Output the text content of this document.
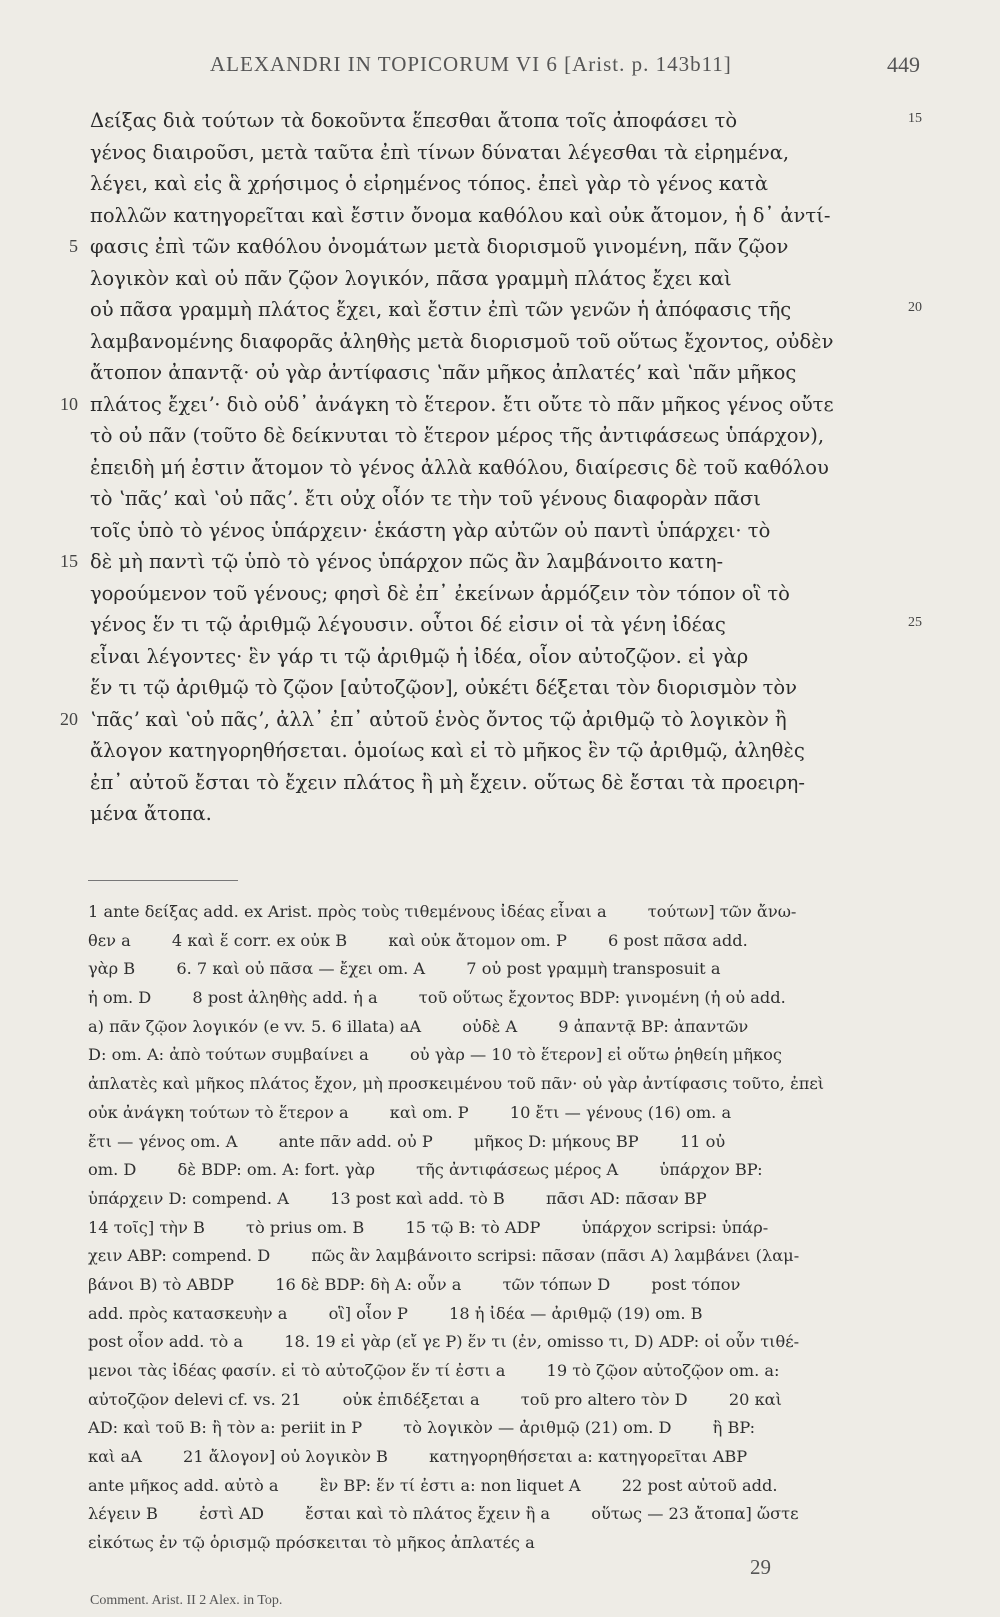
ALEXANDRI IN TOPICORUM VI 6 [Arist. p. 143b11]	449
Δείξας διὰ τούτων τὰ δοκοῦντα ἕπεσθαι ἄτοπα τοῖς ἀποφάσει τὸ	15
γένος διαιροῦσι, μετὰ ταῦτα ἐπὶ τίνων δύναται λέγεσθαι τὰ εἰρημένα,
λέγει, καὶ εἰς ἃ χρήσιμος ὁ εἰρημένος τόπος. ἐπεὶ γὰρ τὸ γένος κατὰ
πολλῶν κατηγορεῖται καὶ ἔστιν ὄνομα καθόλου καὶ οὐκ ἄτομον, ἡ δ᾽ ἀντί-
5 φασις ἐπὶ τῶν καθόλου ὀνομάτων μετὰ διορισμοῦ γινομένη, πᾶν ζῷον
λογικὸν καὶ οὐ πᾶν ζῷον λογικόν, πᾶσα γραμμὴ πλάτος ἔχει καὶ
οὐ πᾶσα γραμμὴ πλάτος ἔχει, καὶ ἔστιν ἐπὶ τῶν γενῶν ἡ ἀπόφασις τῆς	20
λαμβανομένης διαφορᾶς ἀληθὴς μετὰ διορισμοῦ τοῦ οὕτως ἔχοντος, οὐδὲν
ἄτοπον ἀπαντᾷ· οὐ γὰρ ἀντίφασις ʽπᾶν μῆκος ἀπλατέςʼ καὶ ʽπᾶν μῆκος
10 πλάτος ἔχειʼ· διὸ οὐδ᾽ ἀνάγκη τὸ ἕτερον. ἔτι οὔτε τὸ πᾶν μῆκος γένος οὔτε
τὸ οὐ πᾶν (τοῦτο δὲ δείκνυται τὸ ἕτερον μέρος τῆς ἀντιφάσεως ὑπάρχον),
ἐπειδὴ μή ἐστιν ἄτομον τὸ γένος ἀλλὰ καθόλου, διαίρεσις δὲ τοῦ καθόλου
τὸ ʽπᾶςʼ καὶ ʽοὐ πᾶςʼ. ἔτι οὐχ οἷόν τε τὴν τοῦ γένους διαφορὰν πᾶσι
τοῖς ὑπὸ τὸ γένος ὑπάρχειν· ἑκάστη γὰρ αὐτῶν οὐ παντὶ ὑπάρχει· τὸ
15 δὲ μὴ παντὶ τῷ ὑπὸ τὸ γένος ὑπάρχον πῶς ἂν λαμβάνοιτο κατη-
γορούμενον τοῦ γένους; φησὶ δὲ ἐπ᾽ ἐκείνων ἁρμόζειν τὸν τόπον οἳ τὸ
γένος ἕν τι τῷ ἀριθμῷ λέγουσιν. οὗτοι δέ εἰσιν οἱ τὰ γένη ἰδέας	25
εἶναι λέγοντες· ἓν γάρ τι τῷ ἀριθμῷ ἡ ἰδέα, οἷον αὐτοζῷον. εἰ γὰρ
ἕν τι τῷ ἀριθμῷ τὸ ζῷον [αὐτοζῷον], οὐκέτι δέξεται τὸν διορισμὸν τὸν
20 ʽπᾶςʼ καὶ ʽοὐ πᾶςʼ, ἀλλ᾽ ἐπ᾽ αὐτοῦ ἑνὸς ὄντος τῷ ἀριθμῷ τὸ λογικὸν ἢ
ἄλογον κατηγορηθήσεται. ὁμοίως καὶ εἰ τὸ μῆκος ἓν τῷ ἀριθμῷ, ἀληθὲς
ἐπ᾽ αὐτοῦ ἔσται τὸ ἔχειν πλάτος ἢ μὴ ἔχειν. οὕτως δὲ ἔσται τὰ προειρη-
μένα ἄτοπα.
1 ante δείξας add. ex Arist. πρὸς τοὺς τιθεμένους ἰδέας εἶναι a        τούτων] τῶν ἄνω-
θεν a        4 καὶ ἕ corr. ex οὐκ B        καὶ οὐκ ἄτομον om. P        6 post πᾶσα add.
γὰρ B        6. 7 καὶ οὐ πᾶσα — ἔχει om. A        7 οὐ post γραμμὴ transposuit a
ἡ om. D        8 post ἀληθὴς add. ἡ a        τοῦ οὕτως ἔχοντος BDP: γινομένη (ἡ οὐ add.
a) πᾶν ζῷον λογικόν (e vv. 5. 6 illata) aA        οὐδὲ A        9 ἀπαντᾷ BP: ἀπαντῶν
D: om. A: ἀπὸ τούτων συμβαίνει a        οὐ γὰρ — 10 τὸ ἕτερον] εἰ οὕτω ῥηθείη μῆκος
ἀπλατὲς καὶ μῆκος πλάτος ἔχον, μὴ προσκειμένου τοῦ πᾶν· οὐ γὰρ ἀντίφασις τοῦτο, ἐπεὶ
οὐκ ἀνάγκη τούτων τὸ ἕτερον a        καὶ om. P        10 ἔτι — γένους (16) om. a
ἔτι — γένος om. A        ante πᾶν add. οὐ P        μῆκος D: μήκους BP        11 οὐ
om. D        δὲ BDP: om. A: fort. γὰρ        τῆς ἀντιφάσεως μέρος A        ὑπάρχον BP:
ὑπάρχειν D: compend. A        13 post καὶ add. τὸ B        πᾶσι AD: πᾶσαν BP
14 τοῖς] τὴν B        τὸ prius om. B        15 τῷ B: τὸ ADP        ὑπάρχον scripsi: ὑπάρ-
χειν ABP: compend. D        πῶς ἂν λαμβάνοιτο scripsi: πᾶσαν (πᾶσι A) λαμβάνει (λαμ-
βάνοι B) τὸ ABDP        16 δὲ BDP: δὴ A: οὖν a        τῶν τόπων D        post τόπον
add. πρὸς κατασκευὴν a        οἳ] οἷον P        18 ἡ ἰδέα — ἀριθμῷ (19) om. B
post οἷον add. τὸ a        18. 19 εἰ γὰρ (εἴ γε P) ἕν τι (ἐν, omisso τι, D) ADP: οἱ οὖν τιθέ-
μενοι τὰς ἰδέας φασίν. εἰ τὸ αὐτοζῷον ἕν τί ἐστι a        19 τὸ ζῷον αὐτοζῷον om. a:
αὐτοζῷον delevi cf. vs. 21        οὐκ ἐπιδέξεται a        τοῦ pro altero τὸν D        20 καὶ
AD: καὶ τοῦ B: ἢ τὸν a: periit in P        τὸ λογικὸν — ἀριθμῷ (21) om. D        ἢ BP:
καὶ aA        21 ἄλογον] οὐ λογικὸν B        κατηγορηθήσεται a: κατηγορεῖται ABP
ante μῆκος add. αὐτὸ a        ἓν BP: ἕν τί ἐστι a: non liquet A        22 post αὐτοῦ add.
λέγειν B        ἐστὶ AD        ἔσται καὶ τὸ πλάτος ἔχειν ἢ a        οὕτως — 23 ἄτοπα] ὥστε
εἰκότως ἐν τῷ ὁρισμῷ πρόσκειται τὸ μῆκος ἀπλατές a
29
Comment. Arist. II 2 Alex. in Top.
